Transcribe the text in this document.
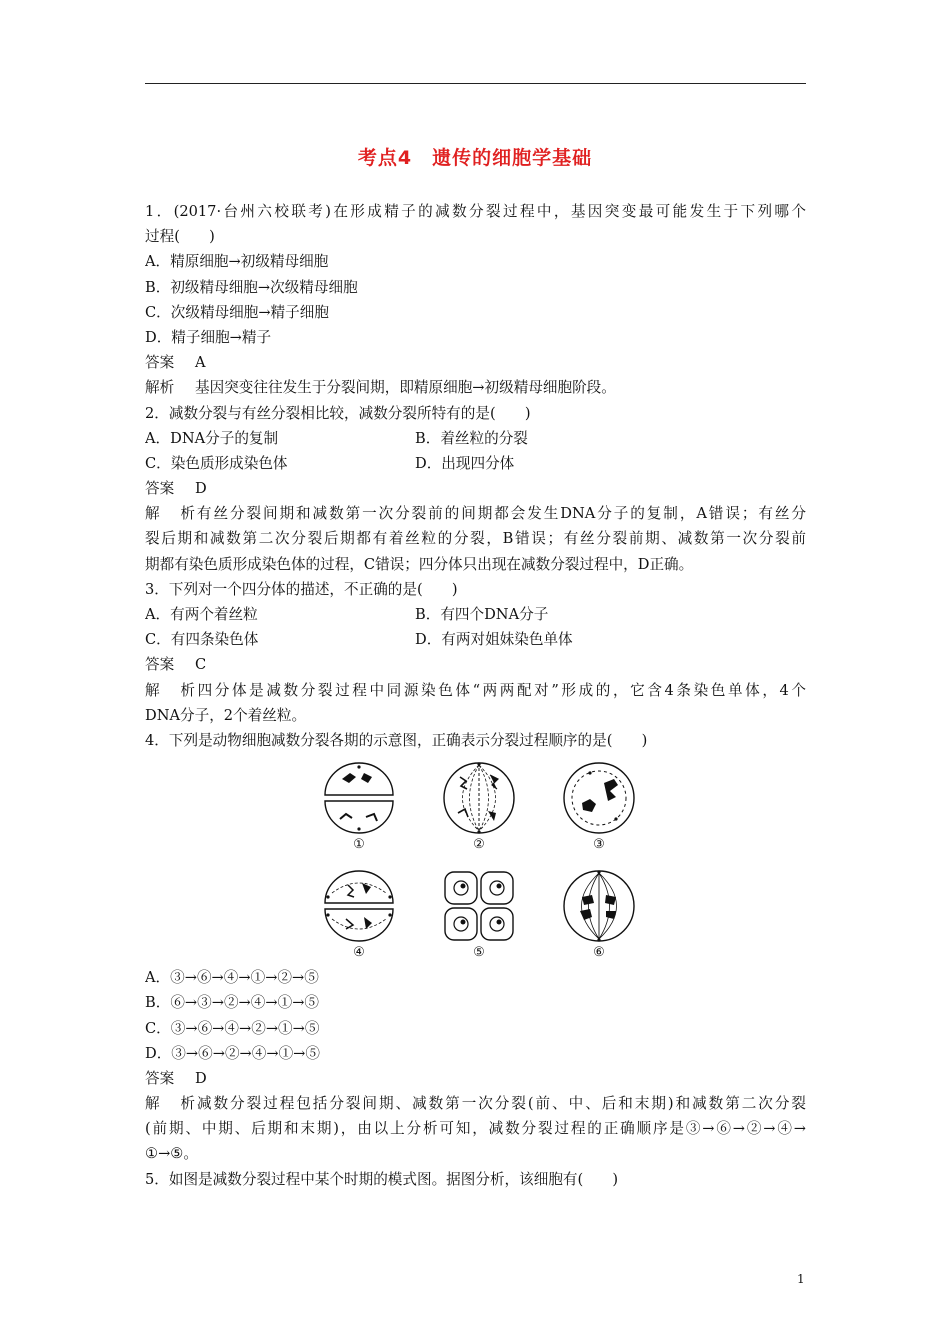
考点4　遗传的细胞学基础
1．(2017·台州六校联考)在形成精子的减数分裂过程中，基因突变最可能发生于下列哪个
过程(　　)
A．精原细胞→初级精母细胞
B．初级精母细胞→次级精母细胞
C．次级精母细胞→精子细胞
D．精子细胞→精子
答案 A
解析 基因突变往往发生于分裂间期，即精原细胞→初级精母细胞阶段。
2．减数分裂与有丝分裂相比较，减数分裂所特有的是(　　)
A．DNA分子的复制	B．着丝粒的分裂
C．染色质形成染色体	D．出现四分体
答案 D
解析有丝分裂间期和减数第一次分裂前的间期都会发生DNA分子的复制，A错误；有丝分
裂后期和减数第二次分裂后期都有着丝粒的分裂，B错误；有丝分裂前期、减数第一次分裂前
期都有染色质形成染色体的过程，C错误；四分体只出现在减数分裂过程中，D正确。
3．下列对一个四分体的描述，不正确的是(　　)
A．有两个着丝粒	B．有四个DNA分子
C．有四条染色体	D．有两对姐妹染色单体
答案 C
解析四分体是减数分裂过程中同源染色体“两两配对”形成的，它含4条染色单体，4个
DNA分子，2个着丝粒。
4．下列是动物细胞减数分裂各期的示意图，正确表示分裂过程顺序的是(　　)
①	②	③
④	⑤	⑥
A．③→⑥→④→①→②→⑤
B．⑥→③→②→④→①→⑤
C．③→⑥→④→②→①→⑤
D．③→⑥→②→④→①→⑤
答案 D
解析减数分裂过程包括分裂间期、减数第一次分裂(前、中、后和末期)和减数第二次分裂
(前期、中期、后期和末期)，由以上分析可知，减数分裂过程的正确顺序是③→⑥→②→④→
①→⑤。
5．如图是减数分裂过程中某个时期的模式图。据图分析，该细胞有(　　)
1
